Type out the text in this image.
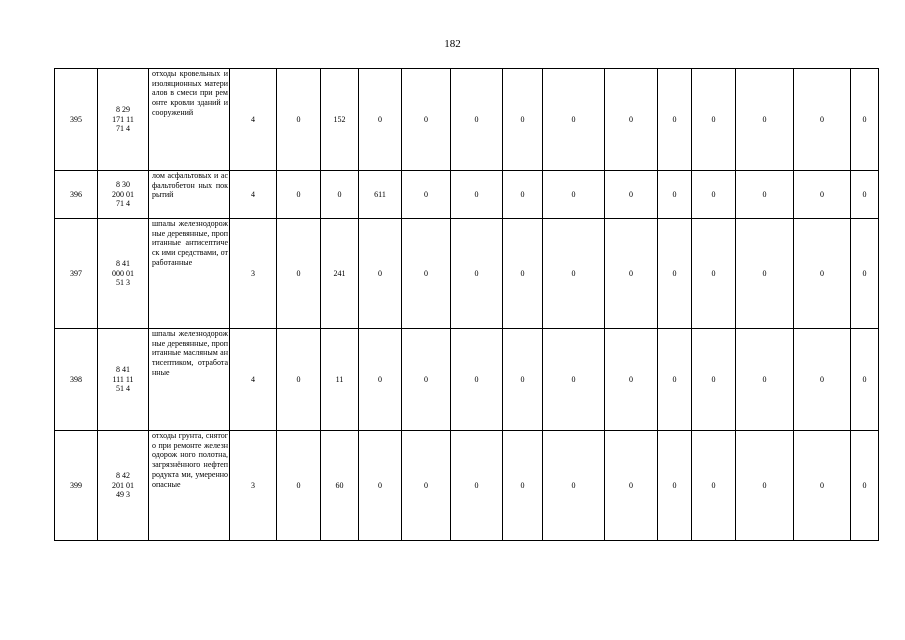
182
395	8 29
171 11
71 4	отходы кровельных и изоляционных материалов в смеси при ремонте кровли зданий и сооружений	4	0	152	0	0	0	0	0	0	0	0	0	0	0
396	8 30
200 01
71 4	лом асфальтовых и асфальтобетон ных покрытий	4	0	0	611	0	0	0	0	0	0	0	0	0	0
397	8 41
000 01
51 3	шпалы железнодорож ные деревянные, пропитанные антисептическ ими средствами, отработанные	3	0	241	0	0	0	0	0	0	0	0	0	0	0
398	8 41
111 11
51 4	шпалы железнодорож ные деревянные, пропитанные масляным антисептиком, отработанные	4	0	11	0	0	0	0	0	0	0	0	0	0	0
399	8 42
201 01
49 3	отходы грунта, снятого при ремонте железнодорож ного полотна, загрязнённого нефтепродукта ми, умеренно опасные	3	0	60	0	0	0	0	0	0	0	0	0	0	0
